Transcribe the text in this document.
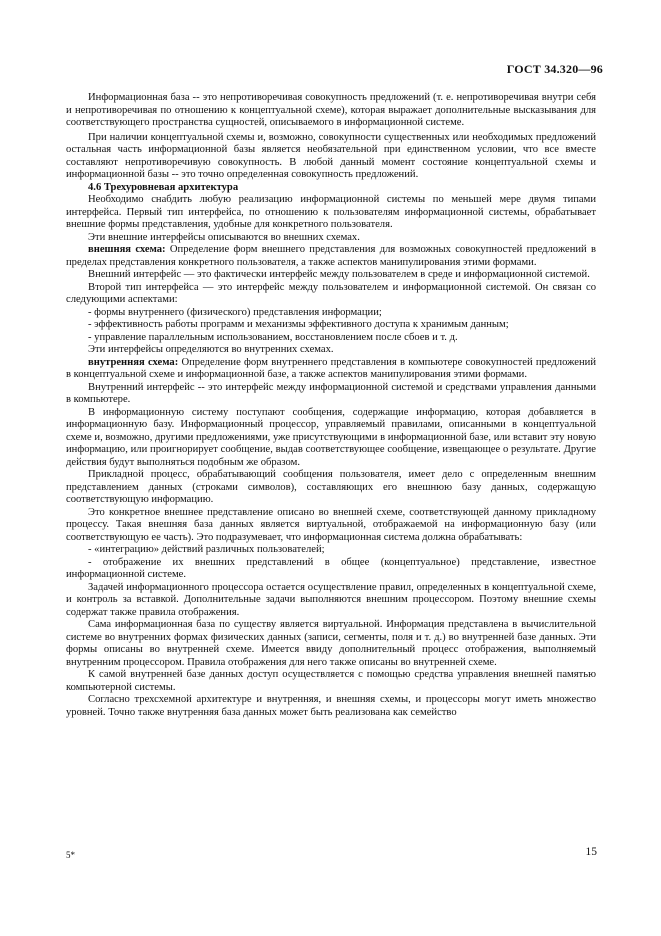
ГОСТ 34.320—96

Информационная база -- это непротиворечивая совокупность предложений (т. е. непротиворечивая внутри себя и непротиворечивая по отношению к концептуальной схеме), которая выражает дополнительные высказывания для соответствующего пространства сущностей, описываемого в информационной системе.

При наличии концептуальной схемы и, возможно, совокупности существенных или необходимых предложений остальная часть информационной базы является необязательной при единственном условии, что все вместе составляют непротиворечивую совокупность. В любой данный момент состояние концептуальной схемы и информационной базы -- это точно определенная совокупность предложений.

4.6 Трехуровневая архитектура

Необходимо снабдить любую реализацию информационной системы по меньшей мере двумя типами интерфейса. Первый тип интерфейса, по отношению к пользователям информационной системы, обрабатывает внешние формы представления, удобные для конкретного пользователя.

Эти внешние интерфейсы описываются во внешних схемах.

внешняя схема: Определение форм внешнего представления для возможных совокупностей предложений в пределах представления конкретного пользователя, а также аспектов манипулирования этими формами.

Внешний интерфейс — это фактически интерфейс между пользователем в среде и информационной системой.

Второй тип интерфейса — это интерфейс между пользователем и информационной системой. Он связан со следующими аспектами:

- формы внутреннего (физического) представления информации;

- эффективность работы программ и механизмы эффективного доступа к хранимым данным;

- управление параллельным использованием, восстановлением после сбоев и т. д.

Эти интерфейсы определяются во внутренних схемах.

внутренняя схема: Определение форм внутреннего представления в компьютере совокупностей предложений в концептуальной схеме и информационной базе, а также аспектов манипулирования этими формами.

Внутренний интерфейс -- это интерфейс между информационной системой и средствами управления данными в компьютере.

В информационную систему поступают сообщения, содержащие информацию, которая добавляется в информационную базу. Информационный процессор, управляемый правилами, описанными в концептуальной схеме и, возможно, другими предложениями, уже присутствующими в информационной базе, или вставит эту новую информацию, или проигнорирует сообщение, выдав соответствующее сообщение, извещающее о результате. Другие действия будут выполняться подобным же образом.

Прикладной процесс, обрабатывающий сообщения пользователя, имеет дело с определенным внешним представлением данных (строками символов), составляющих его внешнюю базу данных, содержащую соответствующую информацию.

Это конкретное внешнее представление описано во внешней схеме, соответствующей данному прикладному процессу. Такая внешняя база данных является виртуальной, отображаемой на информационную базу (или соответствующую ее часть). Это подразумевает, что информационная система должна обрабатывать:

- «интеграцию» действий различных пользователей;

- отображение их внешних представлений в общее (концептуальное) представление, известное информационной системе.

Задачей информационного процессора остается осуществление правил, определенных в концептуальной схеме, и контроль за вставкой. Дополнительные задачи выполняются внешним процессором. Поэтому внешние схемы содержат также правила отображения.

Сама информационная база по существу является виртуальной. Информация представлена в вычислительной системе во внутренних формах физических данных (записи, сегменты, поля и т. д.) во внутренней базе данных. Эти формы описаны во внутренней схеме. Имеется ввиду дополнительный процесс отображения, выполняемый внутренним процессором. Правила отображения для него также описаны во внутренней схеме.

К самой внутренней базе данных доступ осуществляется с помощью средства управления внешней памятью компьютерной системы.

Согласно трехсхемной архитектуре и внутренняя, и внешняя схемы, и процессоры могут иметь множество уровней. Точно также внутренняя база данных может быть реализована как семейство

5*	15
